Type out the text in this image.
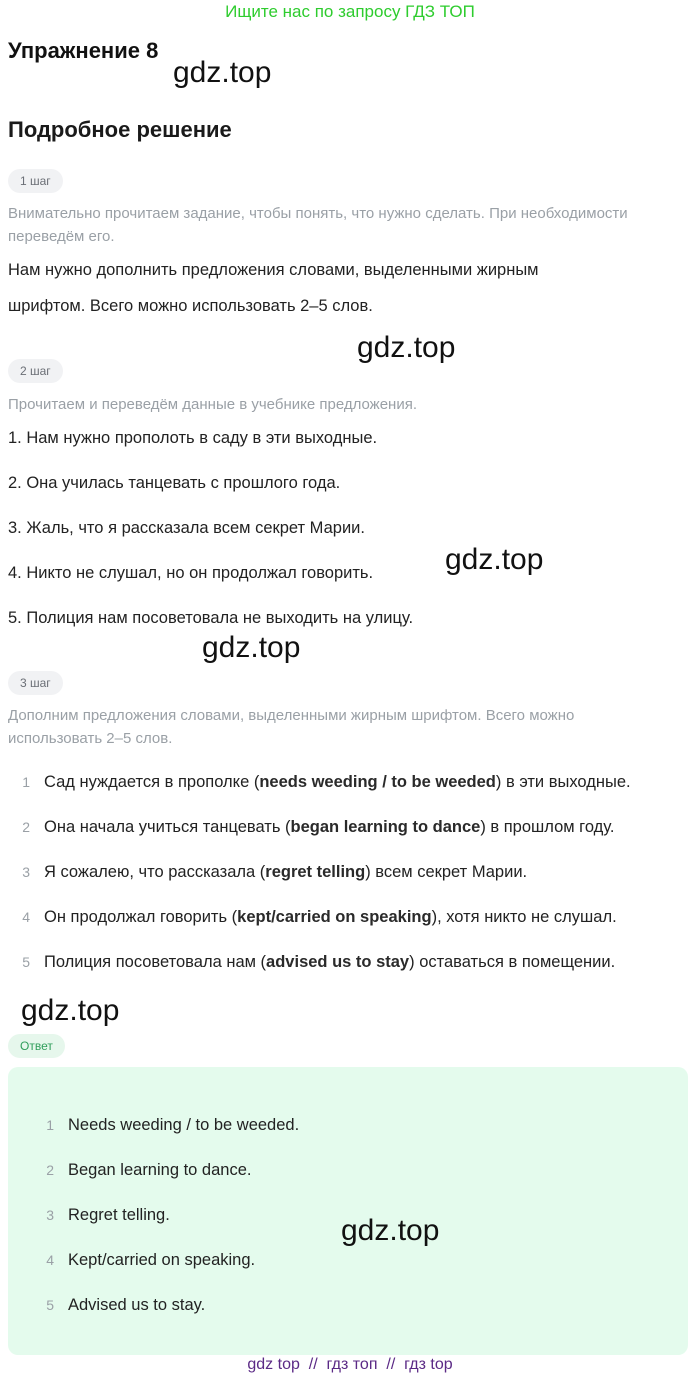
Ищите нас по запросу ГДЗ ТОП
Упражнение 8
gdz.top
Подробное решение
1 шаг
Внимательно прочитаем задание, чтобы понять, что нужно сделать. При необходимости
переведём его.
Нам нужно дополнить предложения словами, выделенными жирным
шрифтом. Всего можно использовать 2–5 слов.
gdz.top
2 шаг
Прочитаем и переведём данные в учебнике предложения.
1. Нам нужно прополоть в саду в эти выходные.
2. Она училась танцевать с прошлого года.
3. Жаль, что я рассказала всем секрет Марии.
gdz.top
4. Никто не слушал, но он продолжал говорить.
5. Полиция нам посоветовала не выходить на улицу.
gdz.top
3 шаг
Дополним предложения словами, выделенными жирным шрифтом. Всего можно
использовать 2–5 слов.
1 Сад нуждается в прополке (needs weeding / to be weeded) в эти выходные.
2 Она начала учиться танцевать (began learning to dance) в прошлом году.
3 Я сожалею, что рассказала (regret telling) всем секрет Марии.
4 Он продолжал говорить (kept/carried on speaking), хотя никто не слушал.
5 Полиция посоветовала нам (advised us to stay) оставаться в помещении.
gdz.top
Ответ
1 Needs weeding / to be weeded.
2 Began learning to dance.
3 Regret telling.	gdz.top
4 Kept/carried on speaking.
5 Advised us to stay.
gdz top  //  гдз топ  //  гдз top
